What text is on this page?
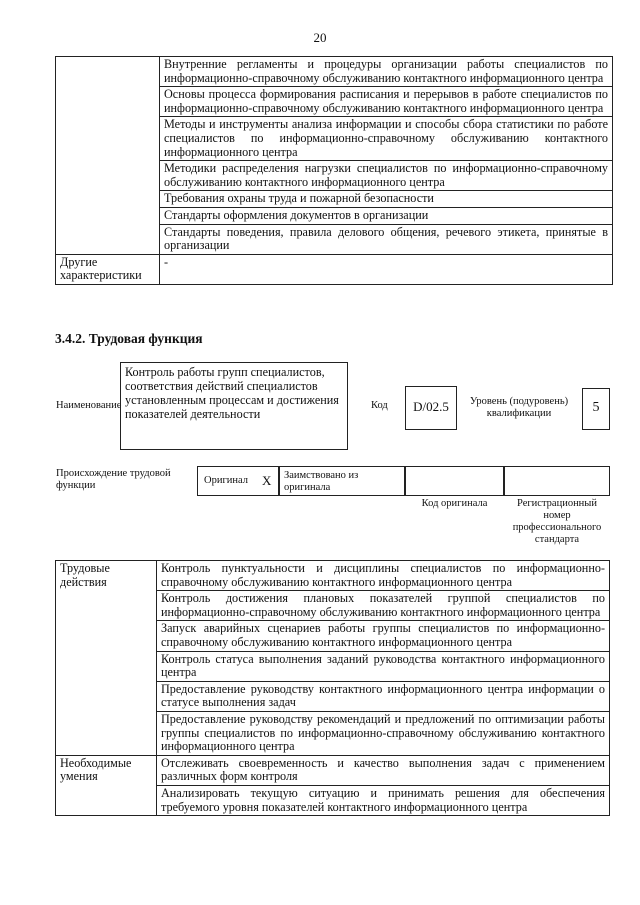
20
	Внутренние регламенты и процедуры организации работы специалистов по информационно-справочному обслуживанию контактного информационного центра
	Основы процесса формирования расписания и перерывов в работе специалистов по информационно-справочному обслуживанию контактного информационного центра
	Методы и инструменты анализа информации и способы сбора статистики по работе специалистов по информационно-справочному обслуживанию контактного информационного центра
	Методики распределения нагрузки специалистов по информационно-справочному обслуживанию контактного информационного центра
	Требования охраны труда и пожарной безопасности
	Стандарты оформления документов в организации
	Стандарты поведения, правила делового общения, речевого этикета, принятые в организации
Другие характеристики	-
3.4.2. Трудовая функция
Наименование
Контроль работы групп специалистов, соответствия действий специалистов установленным процессам и достижения показателей деятельности
Код	D/02.5	Уровень (подуровень) квалификации	5
Происхождение трудовой функции	Оригинал X Заимствовано из оригинала
Код оригинала	Регистрационный номер профессионального стандарта
Трудовые действия	Контроль пунктуальности и дисциплины специалистов по информационно-справочному обслуживанию контактного информационного центра
	Контроль достижения плановых показателей группой специалистов по информационно-справочному обслуживанию контактного информационного центра
	Запуск аварийных сценариев работы группы специалистов по информационно-справочному обслуживанию контактного информационного центра
	Контроль статуса выполнения заданий руководства контактного информационного центра
	Предоставление руководству контактного информационного центра информации о статусе выполнения задач
	Предоставление руководству рекомендаций и предложений по оптимизации работы группы специалистов по информационно-справочному обслуживанию контактного информационного центра
Необходимые умения	Отслеживать своевременность и качество выполнения задач с применением различных форм контроля
	Анализировать текущую ситуацию и принимать решения для обеспечения требуемого уровня показателей контактного информационного центра
